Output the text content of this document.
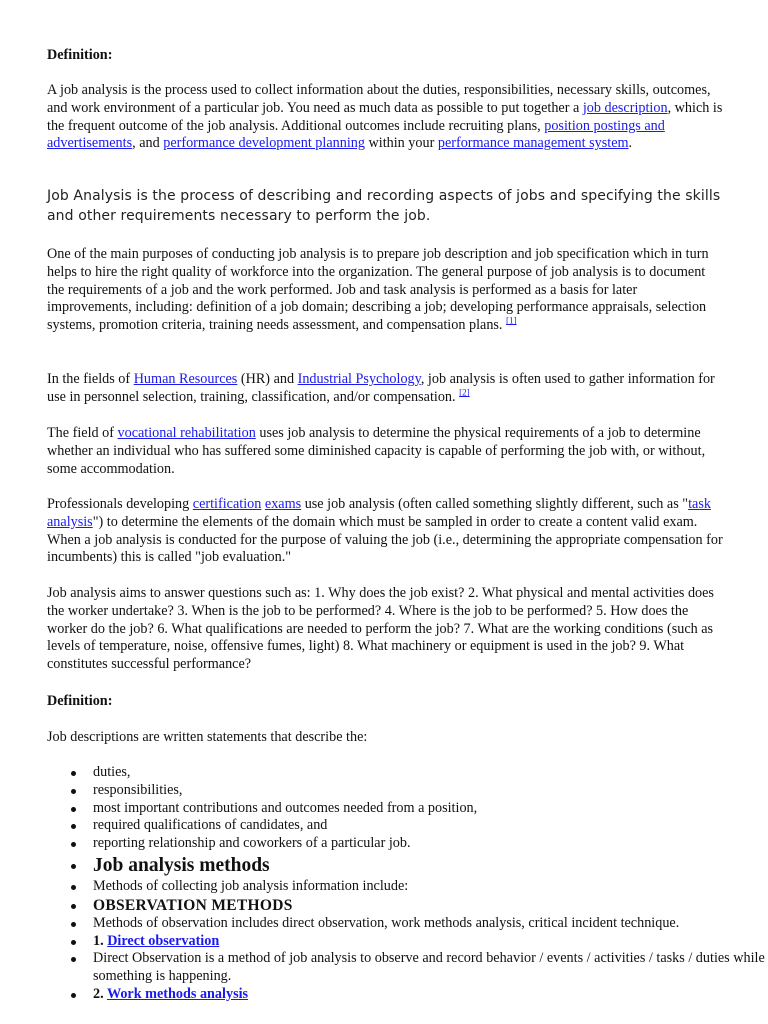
Definition:

A job analysis is the process used to collect information about the duties, responsibilities, necessary skills, outcomes, and work environment of a particular job. You need as much data as possible to put together a job description, which is the frequent outcome of the job analysis. Additional outcomes include recruiting plans, position postings and advertisements, and performance development planning within your performance management system.

Job Analysis is the process of describing and recording aspects of jobs and specifying the skills and other requirements necessary to perform the job.

One of the main purposes of conducting job analysis is to prepare job description and job specification which in turn helps to hire the right quality of workforce into the organization. The general purpose of job analysis is to document the requirements of a job and the work performed. Job and task analysis is performed as a basis for later improvements, including: definition of a job domain; describing a job; developing performance appraisals, selection systems, promotion criteria, training needs assessment, and compensation plans. [1]

In the fields of Human Resources (HR) and Industrial Psychology, job analysis is often used to gather information for use in personnel selection, training, classification, and/or compensation. [2]

The field of vocational rehabilitation uses job analysis to determine the physical requirements of a job to determine whether an individual who has suffered some diminished capacity is capable of performing the job with, or without, some accommodation.

Professionals developing certification exams use job analysis (often called something slightly different, such as "task analysis") to determine the elements of the domain which must be sampled in order to create a content valid exam. When a job analysis is conducted for the purpose of valuing the job (i.e., determining the appropriate compensation for incumbents) this is called "job evaluation."

Job analysis aims to answer questions such as: 1. Why does the job exist? 2. What physical and mental activities does the worker undertake? 3. When is the job to be performed? 4. Where is the job to be performed? 5. How does the worker do the job? 6. What qualifications are needed to perform the job? 7. What are the working conditions (such as levels of temperature, noise, offensive fumes, light) 8. What machinery or equipment is used in the job? 9. What constitutes successful performance?

Definition:

Job descriptions are written statements that describe the:

duties,
responsibilities,
most important contributions and outcomes needed from a position,
required qualifications of candidates, and
reporting relationship and coworkers of a particular job.
Job analysis methods
Methods of collecting job analysis information include:
OBSERVATION METHODS
Methods of observation includes direct observation, work methods analysis, critical incident technique.
1. Direct observation
Direct Observation is a method of job analysis to observe and record behavior / events / activities / tasks / duties while something is happening.
2. Work methods analysis
